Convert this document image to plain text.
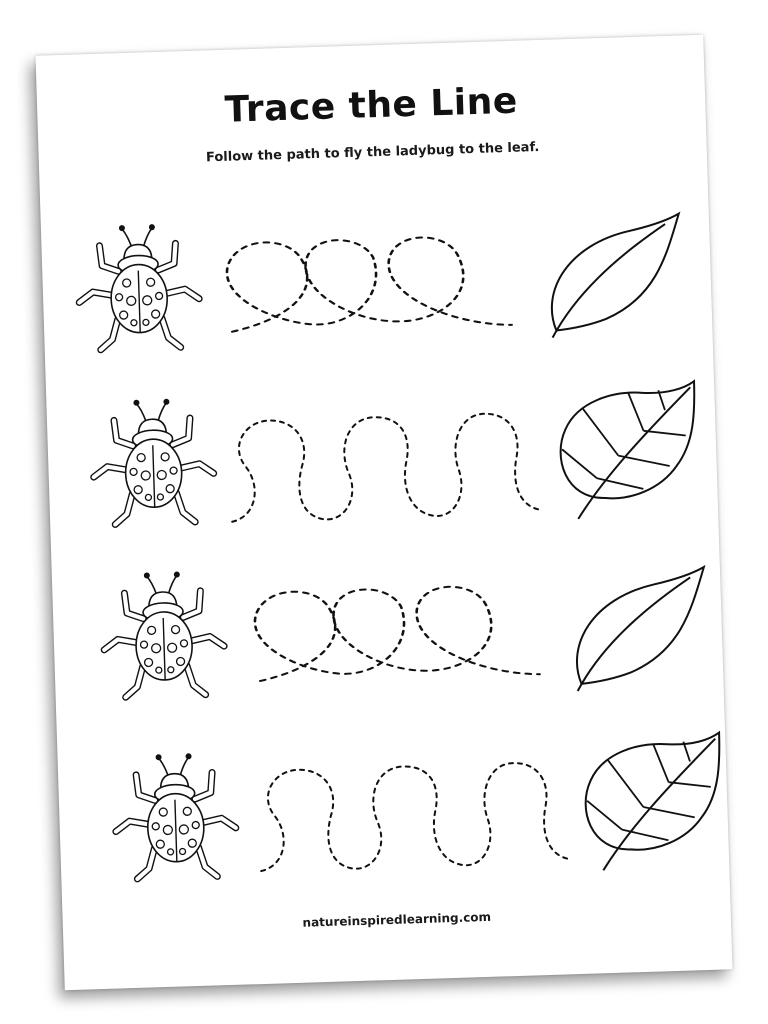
Trace the Line

Follow the path to fly the ladybug to the leaf.

natureinspiredlearning.com
